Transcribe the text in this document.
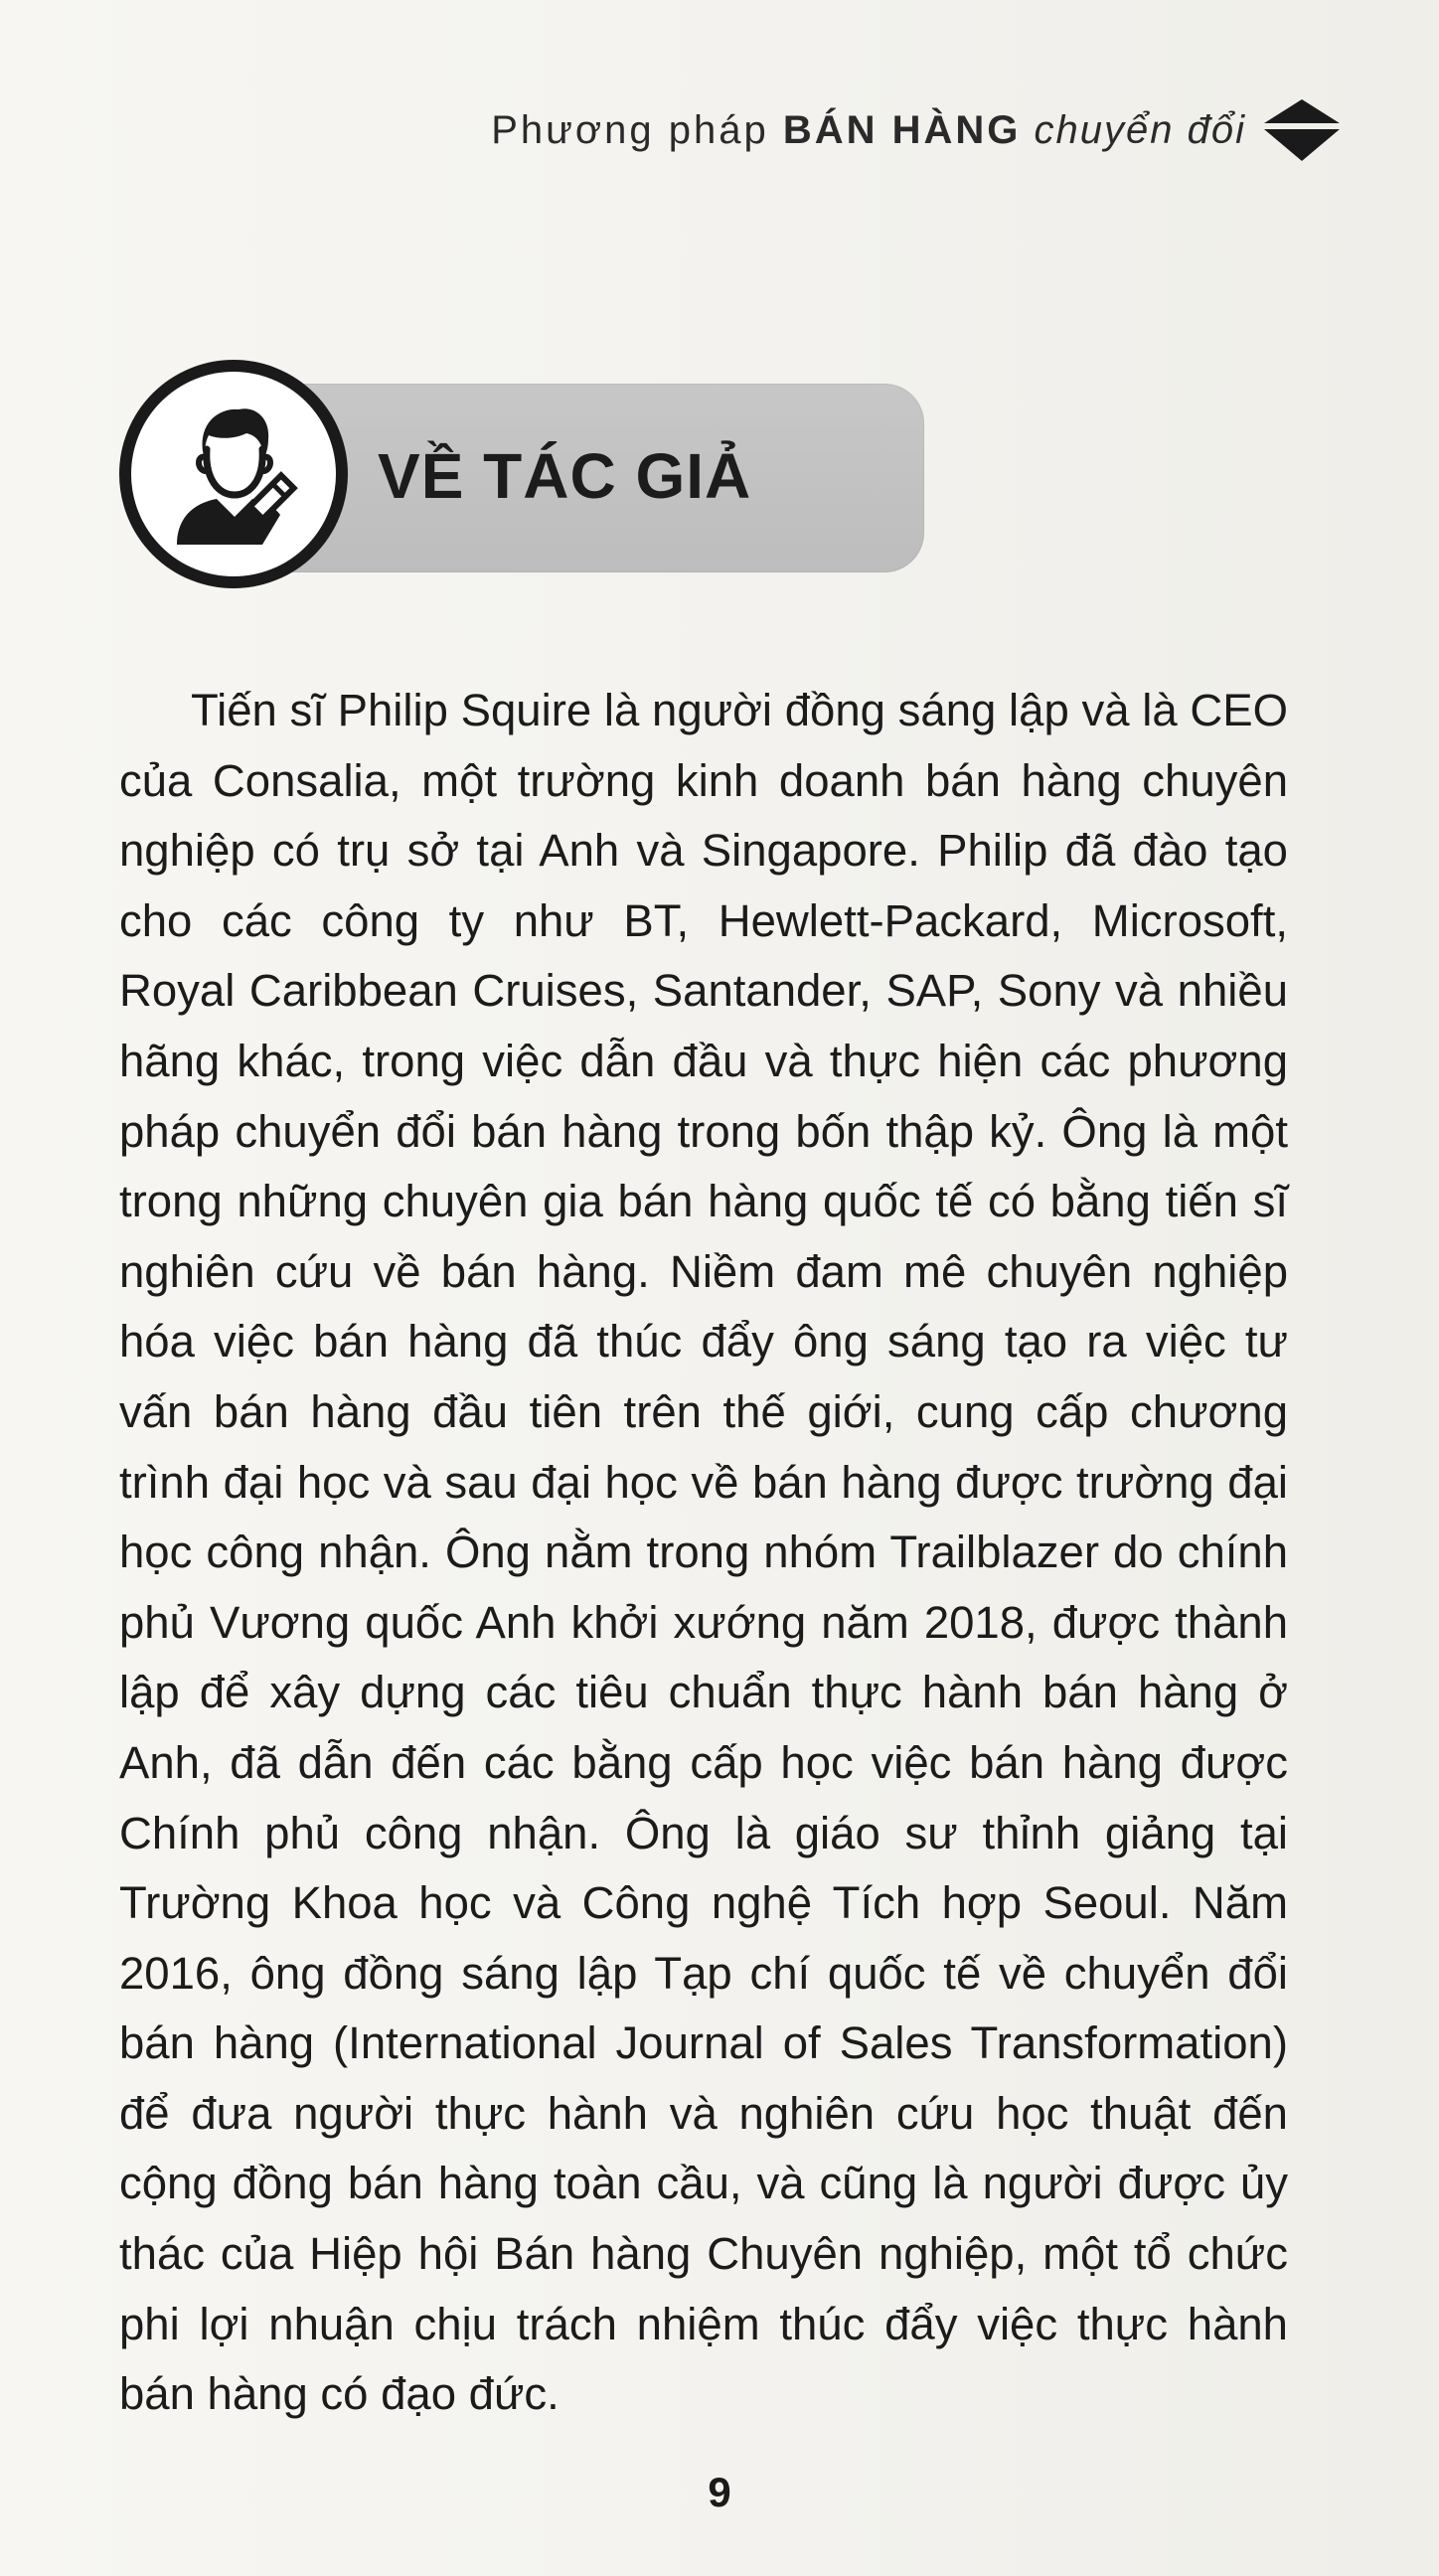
Phương pháp BÁN HÀNG chuyển đổi
VỀ TÁC GIẢ

Tiến sĩ Philip Squire là người đồng sáng lập và là CEO của Consalia, một trường kinh doanh bán hàng chuyên nghiệp có trụ sở tại Anh và Singapore. Philip đã đào tạo cho các công ty như BT, Hewlett-Packard, Microsoft, Royal Caribbean Cruises, Santander, SAP, Sony và nhiều hãng khác, trong việc dẫn đầu và thực hiện các phương pháp chuyển đổi bán hàng trong bốn thập kỷ. Ông là một trong những chuyên gia bán hàng quốc tế có bằng tiến sĩ nghiên cứu về bán hàng. Niềm đam mê chuyên nghiệp hóa việc bán hàng đã thúc đẩy ông sáng tạo ra việc tư vấn bán hàng đầu tiên trên thế giới, cung cấp chương trình đại học và sau đại học về bán hàng được trường đại học công nhận. Ông nằm trong nhóm Trailblazer do chính phủ Vương quốc Anh khởi xướng năm 2018, được thành lập để xây dựng các tiêu chuẩn thực hành bán hàng ở Anh, đã dẫn đến các bằng cấp học việc bán hàng được Chính phủ công nhận. Ông là giáo sư thỉnh giảng tại Trường Khoa học và Công nghệ Tích hợp Seoul. Năm 2016, ông đồng sáng lập Tạp chí quốc tế về chuyển đổi bán hàng (International Journal of Sales Transformation) để đưa người thực hành và nghiên cứu học thuật đến cộng đồng bán hàng toàn cầu, và cũng là người được ủy thác của Hiệp hội Bán hàng Chuyên nghiệp, một tổ chức phi lợi nhuận chịu trách nhiệm thúc đẩy việc thực hành bán hàng có đạo đức.

9
